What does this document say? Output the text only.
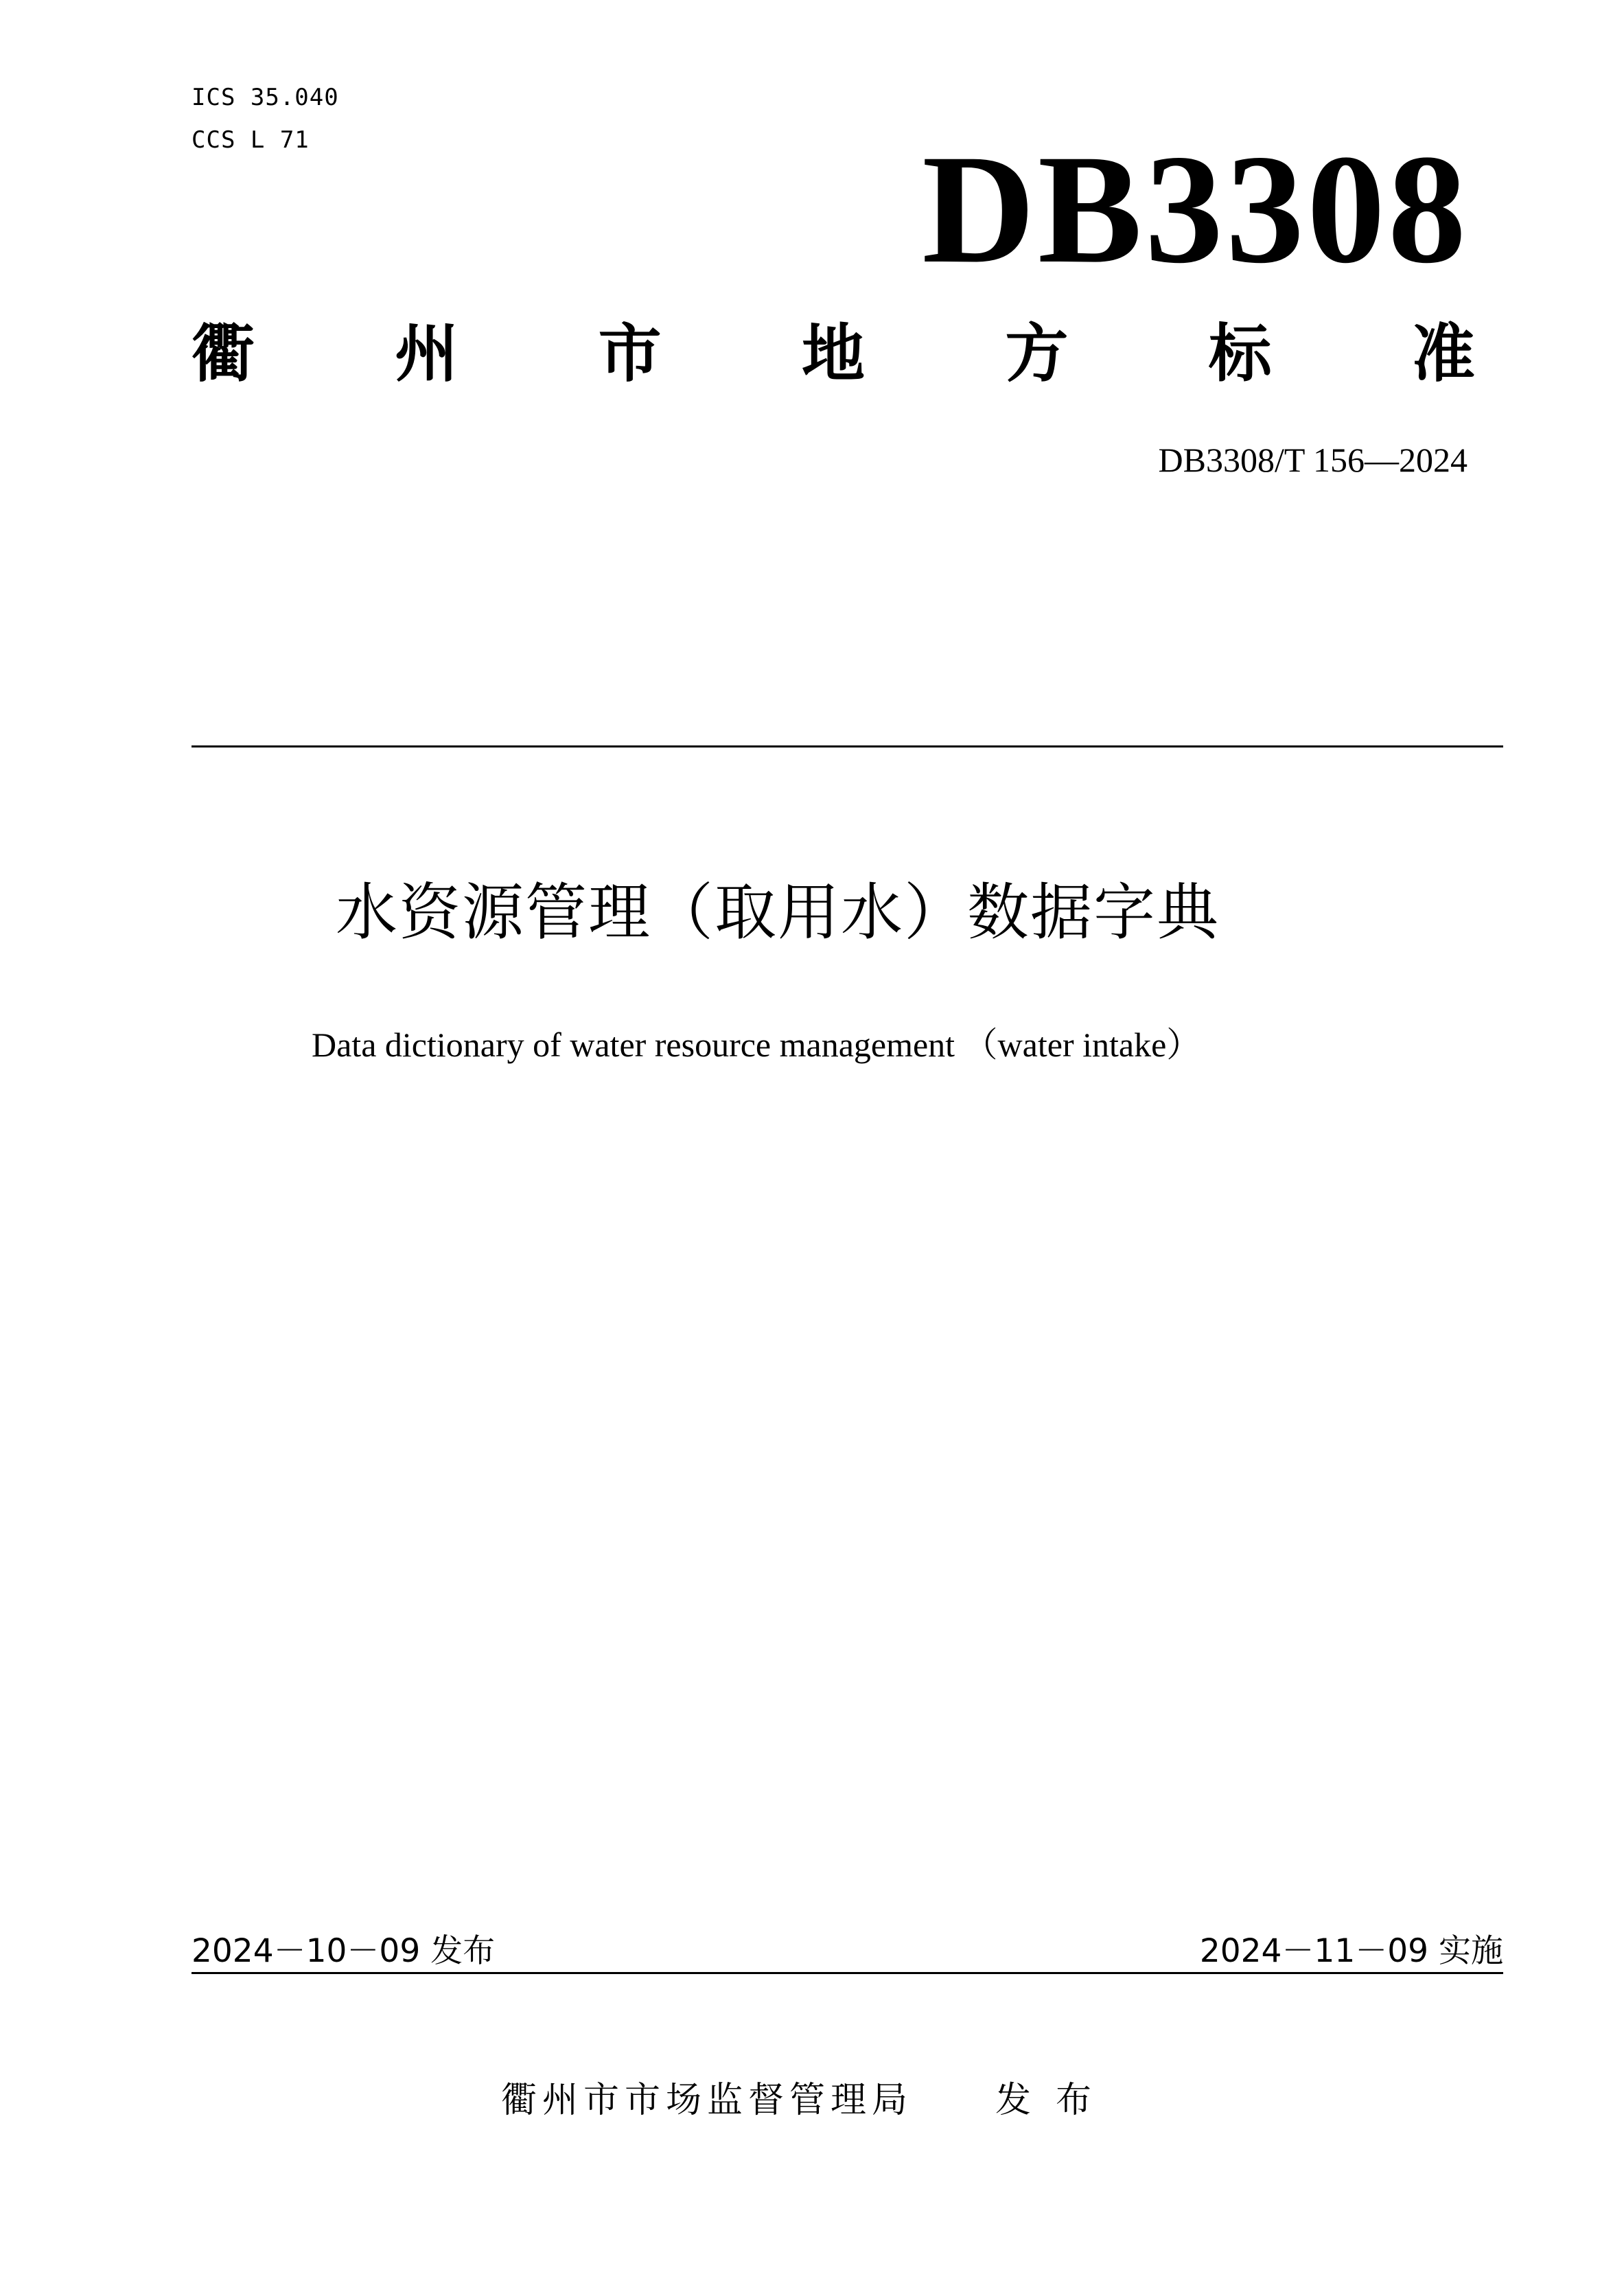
ICS 35.040
CCS L 71	DB3308
衢 州 市 地 方 标 准
DB3308/T 156—2024
水资源管理（取用水）数据字典
Data dictionary of water resource management （water intake）
2024－10－09 发布	2024－11－09 实施
衢州市市场监督管理局 发布
